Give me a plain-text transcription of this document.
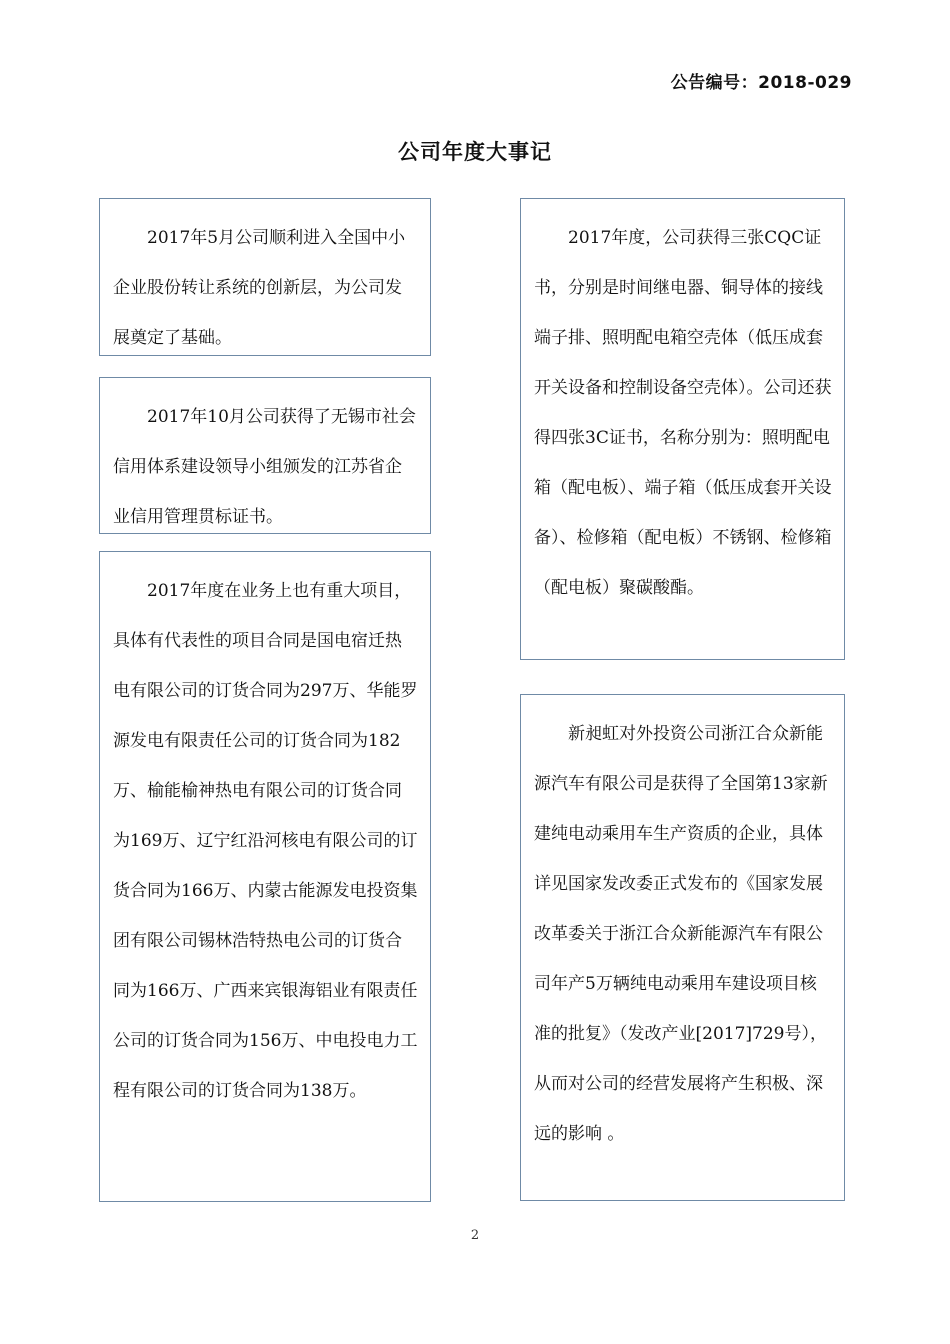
公告编号：2018-029
公司年度大事记

2017年5月公司顺利进入全国中小企业股份转让系统的创新层，为公司发展奠定了基础。

2017年10月公司获得了无锡市社会信用体系建设领导小组颁发的江苏省企业信用管理贯标证书。

2017年度在业务上也有重大项目，具体有代表性的项目合同是国电宿迁热电有限公司的订货合同为297万、华能罗源发电有限责任公司的订货合同为182万、榆能榆神热电有限公司的订货合同为169万、辽宁红沿河核电有限公司的订货合同为166万、内蒙古能源发电投资集团有限公司锡林浩特热电公司的订货合同为166万、广西来宾银海铝业有限责任公司的订货合同为156万、中电投电力工程有限公司的订货合同为138万。

2017年度，公司获得三张CQC证书，分别是时间继电器、铜导体的接线端子排、照明配电箱空壳体（低压成套开关设备和控制设备空壳体）。公司还获得四张3C证书，名称分别为：照明配电箱（配电板）、端子箱（低压成套开关设备）、检修箱（配电板）不锈钢、检修箱（配电板）聚碳酸酯。

新昶虹对外投资公司浙江合众新能源汽车有限公司是获得了全国第13家新建纯电动乘用车生产资质的企业，具体详见国家发改委正式发布的《国家发展改革委关于浙江合众新能源汽车有限公司年产5万辆纯电动乘用车建设项目核准的批复》（发改产业[2017]729号），从而对公司的经营发展将产生积极、深远的影响 。

2
